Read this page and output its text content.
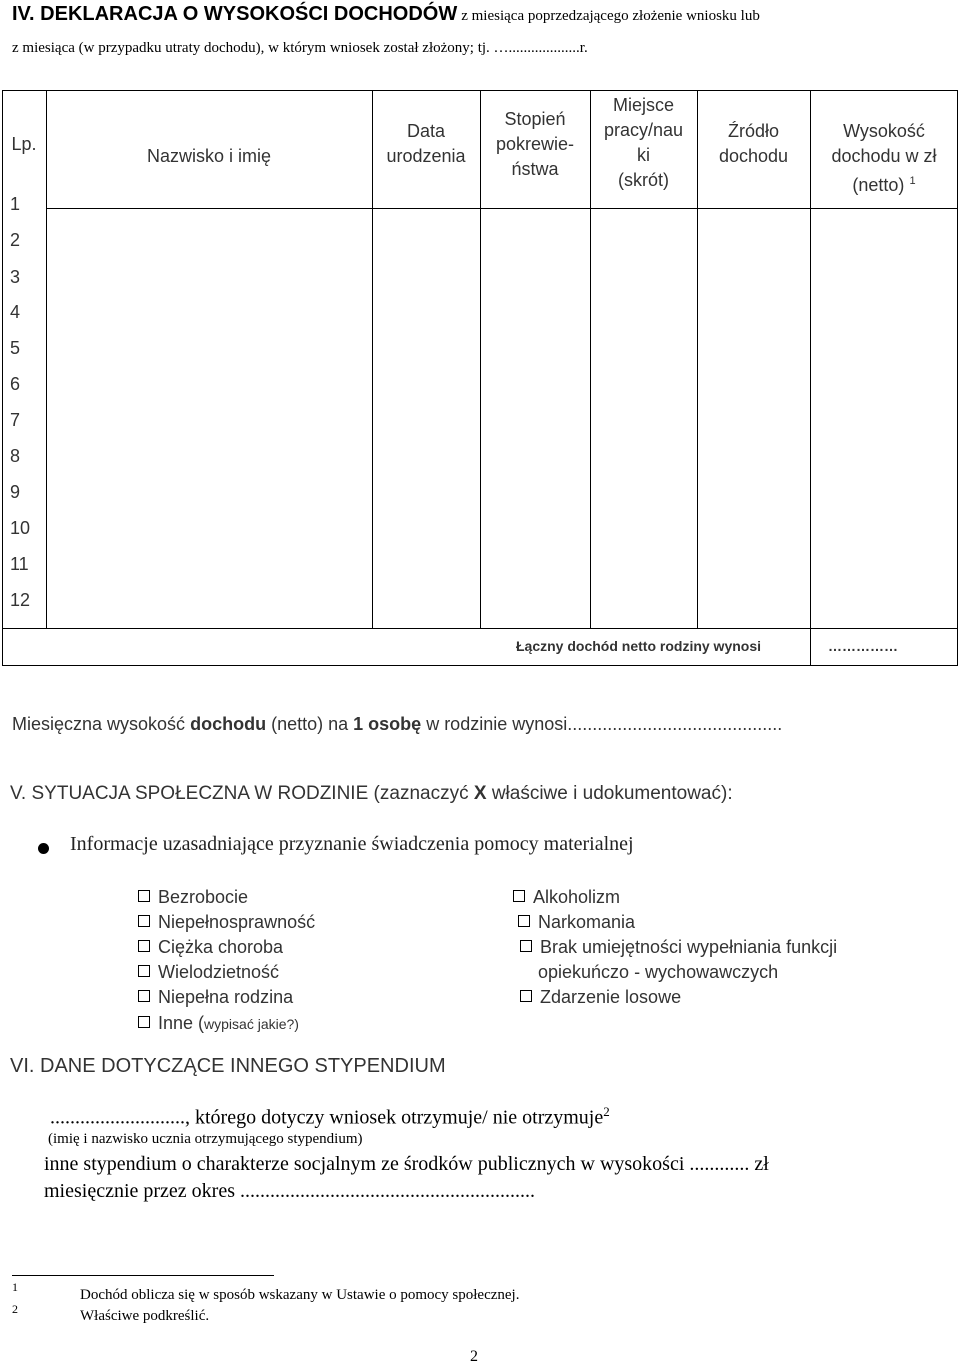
IV. DEKLARACJA O WYSOKOŚCI DOCHODÓW z miesiąca poprzedzającego złożenie wniosku lub
z miesiąca (w przypadku utraty dochodu), w którym wniosek został złożony; tj. …...................r.
Lp.
Nazwisko i imię
Data
urodzenia
Stopień
pokrewie-
ństwa
Miejsce
pracy/nau
ki
(skrót)
Źródło
dochodu
Wysokość
dochodu w zł
(netto) $^1$
1
2
3
4
5
6
7
8
9
10
11
12
Łączny dochód netto rodziny wynosi	……………
Miesięczna wysokość dochodu (netto) na 1 osobę w rodzinie wynosi...........................................
V. SYTUACJA SPOŁECZNA W RODZINIE (zaznaczyć X właściwe i udokumentować):
Informacje uzasadniające przyznanie świadczenia pomocy materialnej
Bezrobocie
Niepełnosprawność
Ciężka choroba
Wielodzietność
Niepełna rodzina
Inne (wypisać jakie?)
Alkoholizm
Narkomania
Brak umiejętności wypełniania funkcji
opiekuńczo - wychowawczych
Zdarzenie losowe
VI. DANE DOTYCZĄCE INNEGO STYPENDIUM
..........................., którego dotyczy wniosek otrzymuje/ nie otrzymuje$^2$
(imię i nazwisko ucznia otrzymującego stypendium)
inne stypendium o charakterze socjalnym ze środków publicznych w wysokości ............ zł
miesięcznie przez okres ...........................................................
1
2
Dochód oblicza się w sposób wskazany w Ustawie o pomocy społecznej.
Właściwe podkreślić.
2
